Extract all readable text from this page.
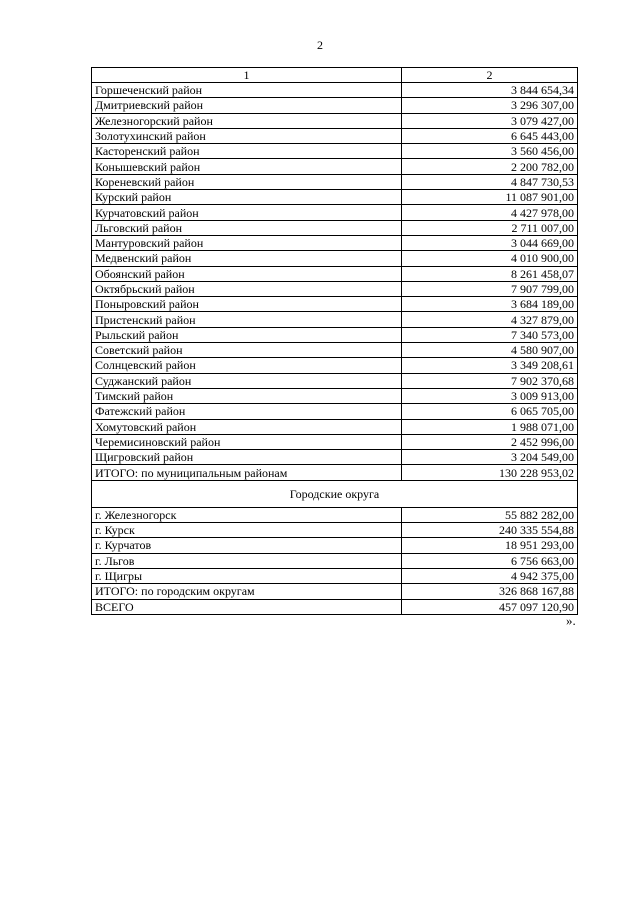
2
1	2
Горшеченский район	3 844 654,34
Дмитриевский район	3 296 307,00
Железногорский район	3 079 427,00
Золотухинский район	6 645 443,00
Касторенский район	3 560 456,00
Конышевский район	2 200 782,00
Кореневский район	4 847 730,53
Курский район	11 087 901,00
Курчатовский район	4 427 978,00
Льговский район	2 711 007,00
Мантуровский район	3 044 669,00
Медвенский район	4 010 900,00
Обоянский район	8 261 458,07
Октябрьский район	7 907 799,00
Поныровский район	3 684 189,00
Пристенский район	4 327 879,00
Рыльский район	7 340 573,00
Советский район	4 580 907,00
Солнцевский район	3 349 208,61
Суджанский район	7 902 370,68
Тимский район	3 009 913,00
Фатежский район	6 065 705,00
Хомутовский район	1 988 071,00
Черемисиновский район	2 452 996,00
Щигровский район	3 204 549,00
ИТОГО: по муниципальным районам	130 228 953,02
Городские округа	
г. Железногорск	55 882 282,00
г. Курск	240 335 554,88
г. Курчатов	18 951 293,00
г. Льгов	6 756 663,00
г. Щигры	4 942 375,00
ИТОГО: по городским округам	326 868 167,88
ВСЕГО	457 097 120,90
».
